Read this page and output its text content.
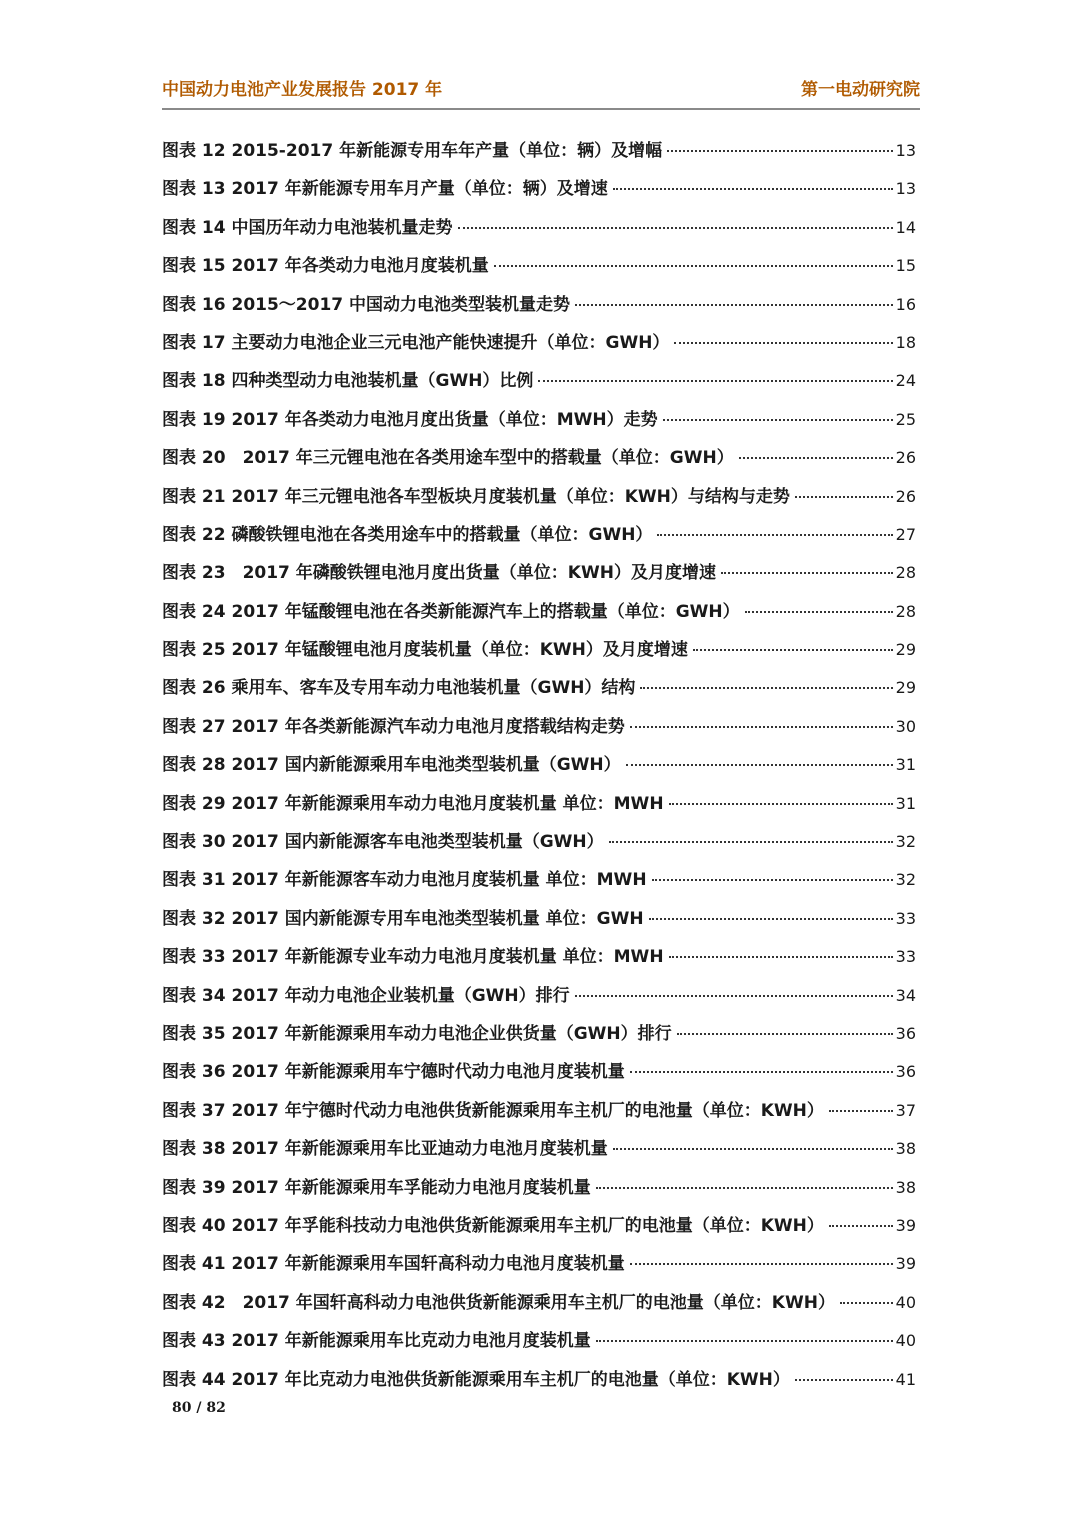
中国动力电池产业发展报告 2017 年	第一电动研究院
图表 12 2015-2017 年新能源专用车年产量（单位：辆）及增幅	13
图表 13 2017 年新能源专用车月产量（单位：辆）及增速	13
图表 14 中国历年动力电池装机量走势	14
图表 15 2017 年各类动力电池月度装机量	15
图表 16 2015～2017 中国动力电池类型装机量走势	16
图表 17 主要动力电池企业三元电池产能快速提升（单位：GWH）	18
图表 18 四种类型动力电池装机量（GWH）比例	24
图表 19 2017 年各类动力电池月度出货量（单位：MWH）走势	25
图表 20　2017 年三元锂电池在各类用途车型中的搭载量（单位：GWH）	26
图表 21 2017 年三元锂电池各车型板块月度装机量（单位：KWH）与结构与走势	26
图表 22 磷酸铁锂电池在各类用途车中的搭载量（单位：GWH）	27
图表 23　2017 年磷酸铁锂电池月度出货量（单位：KWH）及月度增速	28
图表 24 2017 年锰酸锂电池在各类新能源汽车上的搭载量（单位：GWH）	28
图表 25 2017 年锰酸锂电池月度装机量（单位：KWH）及月度增速	29
图表 26 乘用车、客车及专用车动力电池装机量（GWH）结构	29
图表 27 2017 年各类新能源汽车动力电池月度搭载结构走势	30
图表 28 2017 国内新能源乘用车电池类型装机量（GWH）	31
图表 29 2017 年新能源乘用车动力电池月度装机量 单位：MWH	31
图表 30 2017 国内新能源客车电池类型装机量（GWH）	32
图表 31 2017 年新能源客车动力电池月度装机量 单位：MWH	32
图表 32 2017 国内新能源专用车电池类型装机量 单位：GWH	33
图表 33 2017 年新能源专业车动力电池月度装机量 单位：MWH	33
图表 34 2017 年动力电池企业装机量（GWH）排行	34
图表 35 2017 年新能源乘用车动力电池企业供货量（GWH）排行	36
图表 36 2017 年新能源乘用车宁德时代动力电池月度装机量	36
图表 37 2017 年宁德时代动力电池供货新能源乘用车主机厂的电池量（单位：KWH）	37
图表 38 2017 年新能源乘用车比亚迪动力电池月度装机量	38
图表 39 2017 年新能源乘用车孚能动力电池月度装机量	38
图表 40 2017 年孚能科技动力电池供货新能源乘用车主机厂的电池量（单位：KWH）	39
图表 41 2017 年新能源乘用车国轩高科动力电池月度装机量	39
图表 42　2017 年国轩高科动力电池供货新能源乘用车主机厂的电池量（单位：KWH）	40
图表 43 2017 年新能源乘用车比克动力电池月度装机量	40
图表 44 2017 年比克动力电池供货新能源乘用车主机厂的电池量（单位：KWH）	41
80 / 82
